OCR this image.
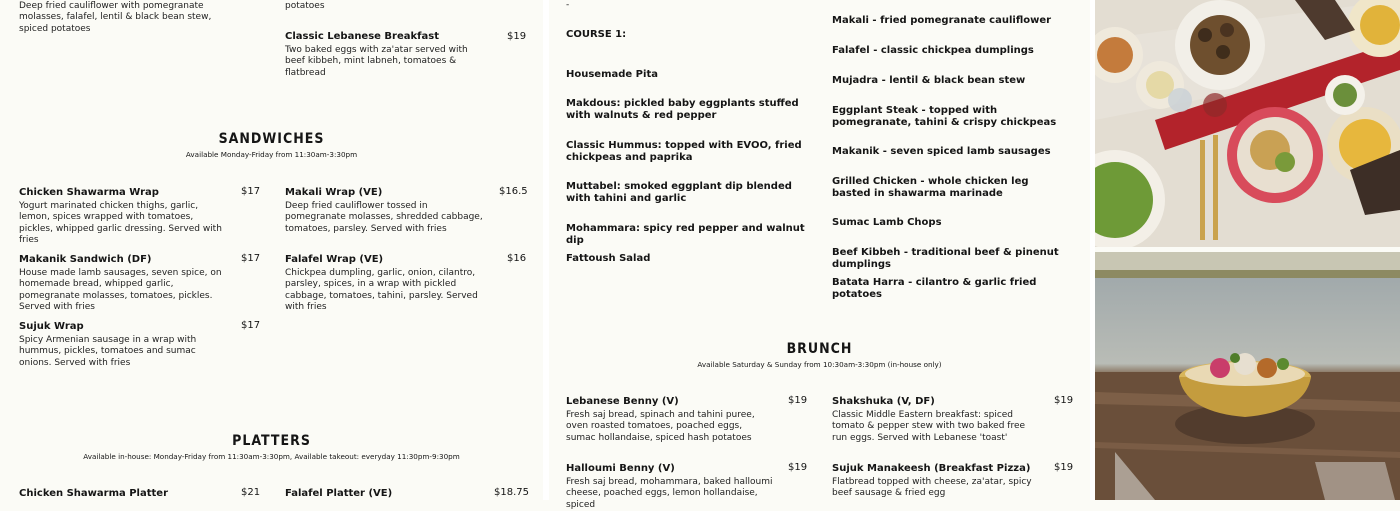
Deep fried cauliflower with pomegranate molasses, falafel, lentil & black bean stew, spiced potatoes

potatoes

Classic Lebanese Breakfast	$19

Two baked eggs with za'atar served with beef kibbeh, mint labneh, tomatoes & flatbread

SANDWICHES
Available Monday-Friday from 11:30am-3:30pm

Chicken Shawarma Wrap	$17

Yogurt marinated chicken thighs, garlic, lemon, spices wrapped with tomatoes, pickles, whipped garlic dressing. Served with fries

Makali Wrap (VE)	$16.5

Deep fried cauliflower tossed in pomegranate molasses, shredded cabbage, tomatoes, parsley. Served with fries

Makanik Sandwich (DF)	$17

House made lamb sausages, seven spice, on homemade bread, whipped garlic, pomegranate molasses, tomatoes, pickles. Served with fries

Falafel Wrap (VE)	$16

Chickpea dumpling, garlic, onion, cilantro, parsley, spices, in a wrap with pickled cabbage, tomatoes, tahini, parsley. Served with fries

Sujuk Wrap	$17

Spicy Armenian sausage in a wrap with hummus, pickles, tomatoes and sumac onions. Served with fries

PLATTERS
Available in-house: Monday-Friday from 11:30am-3:30pm, Available takeout: everyday 11:30pm-9:30pm

Chicken Shawarma Platter	$21 Falafel Platter (VE)	$18.75
-
COURSE 1:

Housemade Pita

Makdous: pickled baby eggplants stuffed with walnuts & red pepper

Classic Hummus: topped with EVOO, fried chickpeas and paprika

Muttabel: smoked eggplant dip blended with tahini and garlic

Mohammara: spicy red pepper and walnut dip

Fattoush Salad

Makali - fried pomegranate cauliflower

Falafel - classic chickpea dumplings

Mujadra - lentil & black bean stew

Eggplant Steak - topped with pomegranate, tahini & crispy chickpeas

Makanik - seven spiced lamb sausages

Grilled Chicken - whole chicken leg basted in shawarma marinade

Sumac Lamb Chops

Beef Kibbeh - traditional beef & pinenut dumplings

Batata Harra - cilantro & garlic fried potatoes

BRUNCH
Available Saturday & Sunday from 10:30am-3:30pm (in-house only)

Lebanese Benny (V)	$19

Fresh saj bread, spinach and tahini puree, oven roasted tomatoes, poached eggs, sumac hollandaise, spiced hash potatoes

Shakshuka (V, DF)	$19

Classic Middle Eastern breakfast: spiced tomato & pepper stew with two baked free run eggs. Served with Lebanese 'toast'

Halloumi Benny (V)	$19

Fresh saj bread, mohammara, baked halloumi cheese, poached eggs, lemon hollandaise, spiced

Sujuk Manakeesh (Breakfast Pizza) $19

Flatbread topped with cheese, za'atar, spicy beef sausage & fried egg
